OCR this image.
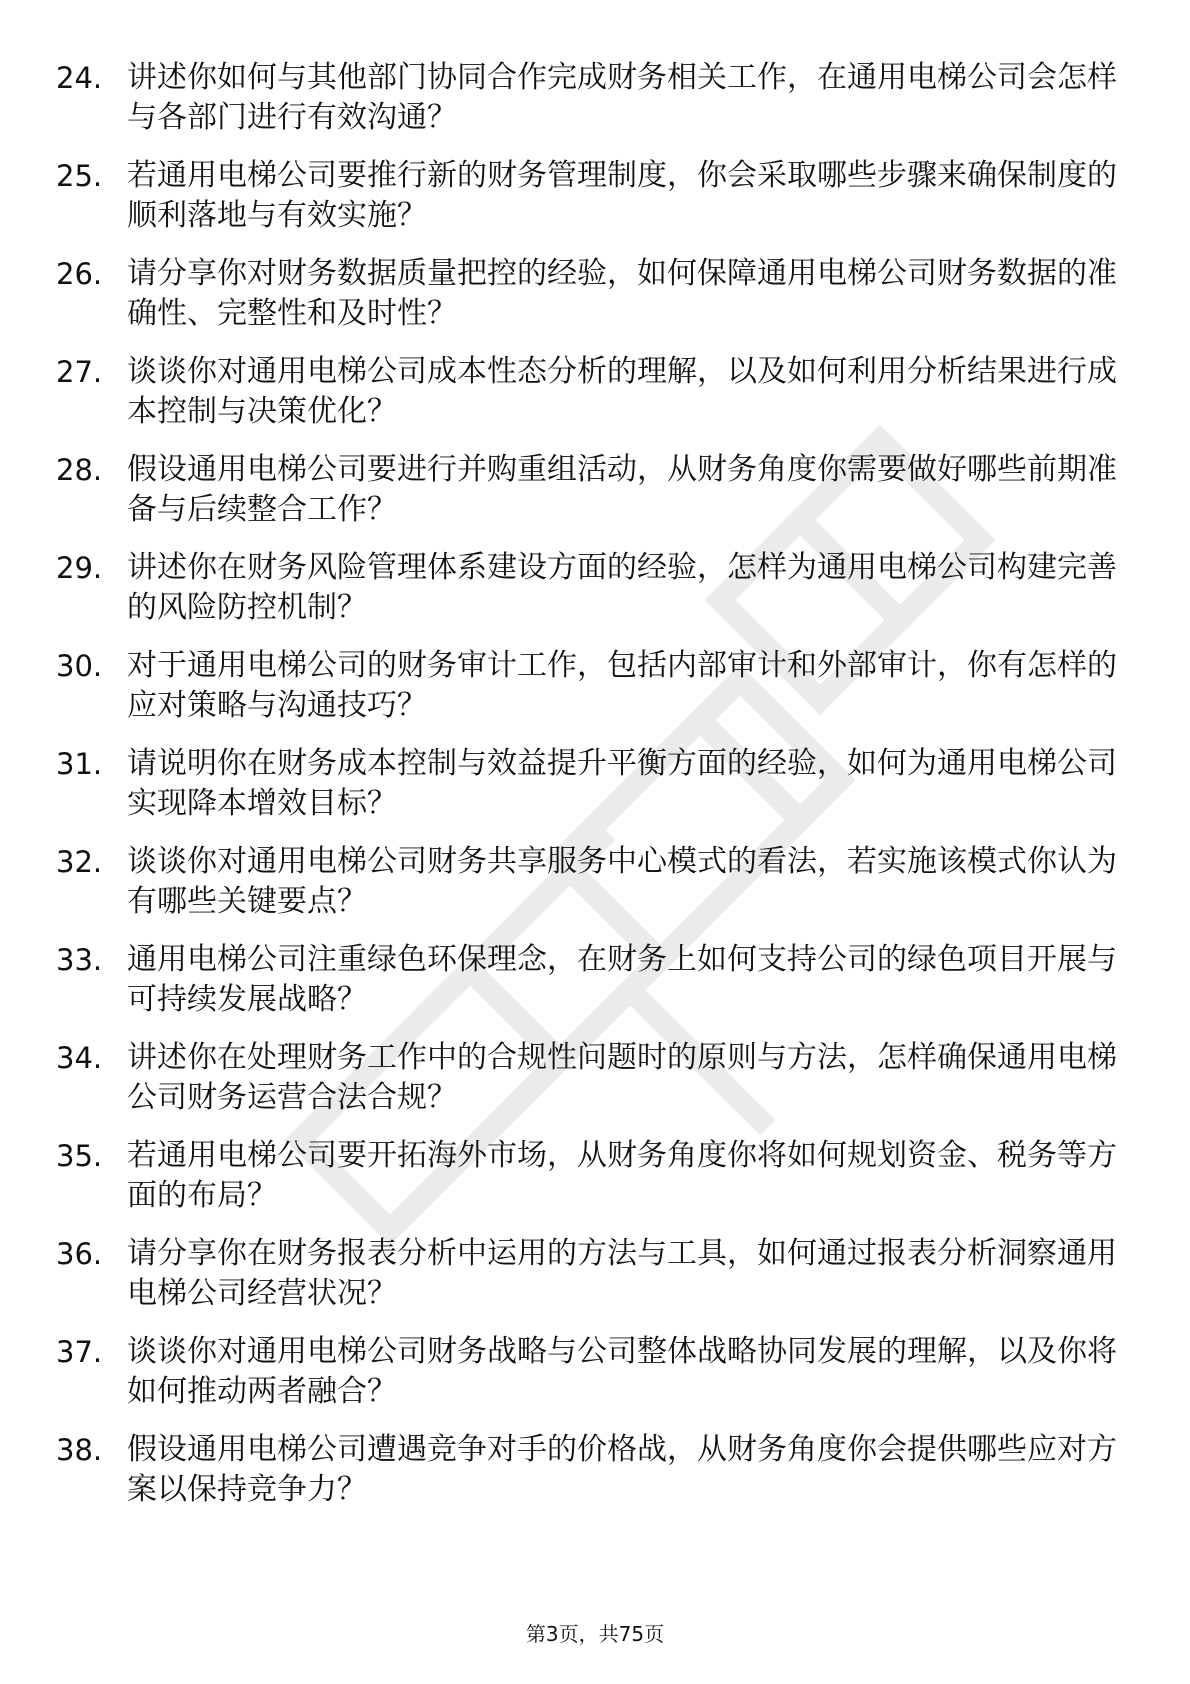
24. 讲述你如何与其他部门协同合作完成财务相关工作，在通用电梯公司会怎样与各部门进行有效沟通？
25. 若通用电梯公司要推行新的财务管理制度，你会采取哪些步骤来确保制度的顺利落地与有效实施？
26. 请分享你对财务数据质量把控的经验，如何保障通用电梯公司财务数据的准确性、完整性和及时性？
27. 谈谈你对通用电梯公司成本性态分析的理解，以及如何利用分析结果进行成本控制与决策优化？
28. 假设通用电梯公司要进行并购重组活动，从财务角度你需要做好哪些前期准备与后续整合工作？
29. 讲述你在财务风险管理体系建设方面的经验，怎样为通用电梯公司构建完善的风险防控机制？
30. 对于通用电梯公司的财务审计工作，包括内部审计和外部审计，你有怎样的应对策略与沟通技巧？
31. 请说明你在财务成本控制与效益提升平衡方面的经验，如何为通用电梯公司实现降本增效目标？
32. 谈谈你对通用电梯公司财务共享服务中心模式的看法，若实施该模式你认为有哪些关键要点？
33. 通用电梯公司注重绿色环保理念，在财务上如何支持公司的绿色项目开展与可持续发展战略？
34. 讲述你在处理财务工作中的合规性问题时的原则与方法，怎样确保通用电梯公司财务运营合法合规？
35. 若通用电梯公司要开拓海外市场，从财务角度你将如何规划资金、税务等方面的布局？
36. 请分享你在财务报表分析中运用的方法与工具，如何通过报表分析洞察通用电梯公司经营状况？
37. 谈谈你对通用电梯公司财务战略与公司整体战略协同发展的理解，以及你将如何推动两者融合？
38. 假设通用电梯公司遭遇竞争对手的价格战，从财务角度你会提供哪些应对方案以保持竞争力？
第3页，共75页
